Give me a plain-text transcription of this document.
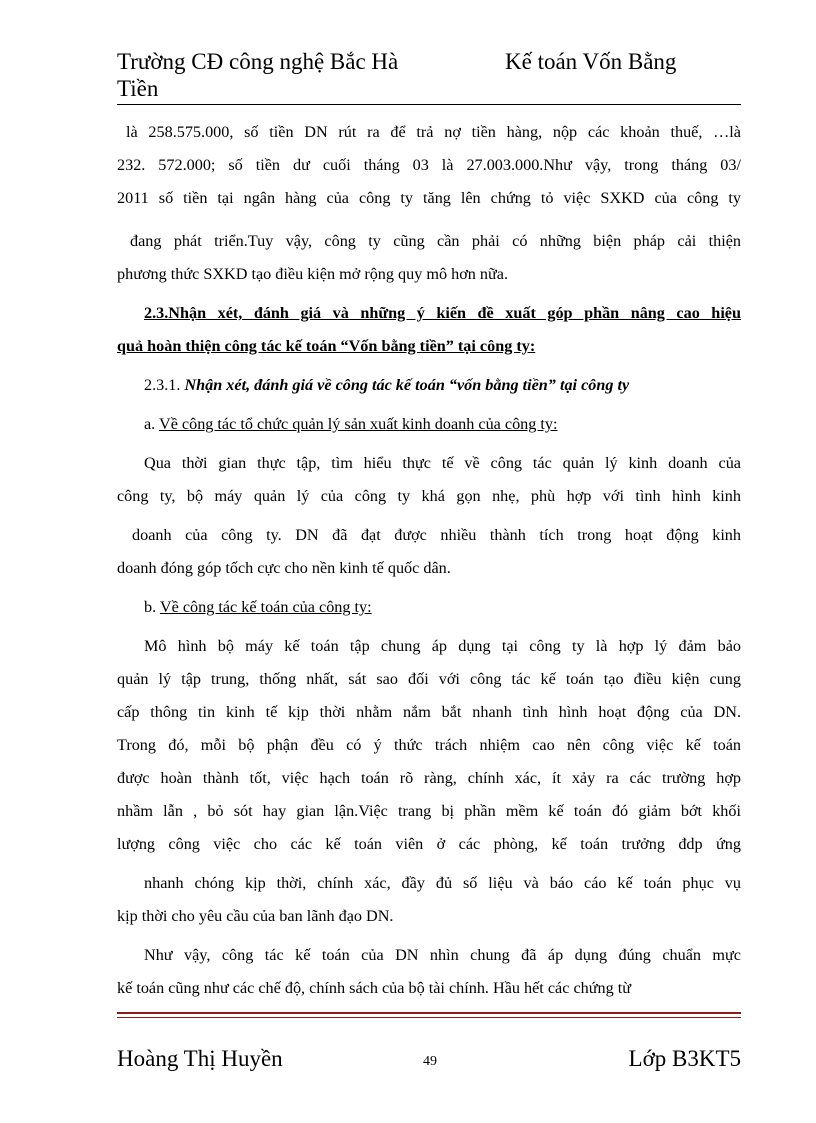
Trường CĐ công nghệ Bắc Hà
Tiền
Kế toán Vốn Bằng
là 258.575.000, số tiền DN rút ra để trả nợ tiền hàng, nộp các khoản thuế, …là
232. 572.000; số tiền dư cuối tháng 03 là 27.003.000.Như vậy, trong tháng 03/
2011 số tiền tại ngân hàng của công ty tăng lên chứng tỏ việc SXKD của công ty
đang phát triển.Tuy vậy, công ty cũng cần phải có những biện pháp cải thiện
phương thức SXKD tạo điều kiện mở rộng quy mô hơn nữa.
2.3.Nhận xét, đánh giá và những ý kiến đề xuất góp phần nâng cao hiệu
quả hoàn thiện công tác kế toán “Vốn bằng tiền” tại công ty:
2.3.1. Nhận xét, đánh giá về công tác kế toán “vốn bằng tiền” tại công ty
a. Về công tác tổ chức quản lý sản xuất kinh doanh của công ty:
Qua thời gian thực tập, tìm hiểu thực tế về công tác quản lý kinh doanh của
công ty, bộ máy quản lý của công ty khá gọn nhẹ, phù hợp với tình hình kinh
doanh của công ty. DN đã đạt được nhiều thành tích trong hoạt động kinh
doanh đóng góp tốch cực cho nền kinh tế quốc dân.
b. Về công tác kế toán của công ty:
Mô hình bộ máy kế toán tập chung áp dụng tại công ty là hợp lý đảm bảo
quản lý tập trung, thống nhất, sát sao đối với công tác kế toán tạo điều kiện cung
cấp thông tin kinh tế kịp thời nhằm nắm bắt nhanh tình hình hoạt động của DN.
Trong đó, mỗi bộ phận đều có ý thức trách nhiệm cao nên công việc kế toán
được hoàn thành tốt, việc hạch toán rõ ràng, chính xác, ít xảy ra các trường hợp
nhầm lẫn , bỏ sót hay gian lận.Việc trang bị phần mềm kế toán đó giảm bớt khối
lượng công việc cho các kế toán viên ở các phòng, kế toán trưởng đdp ứng
nhanh chóng kịp thời, chính xác, đầy đủ số liệu và báo cáo kế toán phục vụ
kịp thời cho yêu cầu của ban lãnh đạo DN.
Như vậy, công tác kế toán của DN nhìn chung đã áp dụng đúng chuẩn mực
kế toán cũng như các chế độ, chính sách của bộ tài chính. Hầu hết các chứng từ
Hoàng Thị Huyền	49	Lớp B3KT5
